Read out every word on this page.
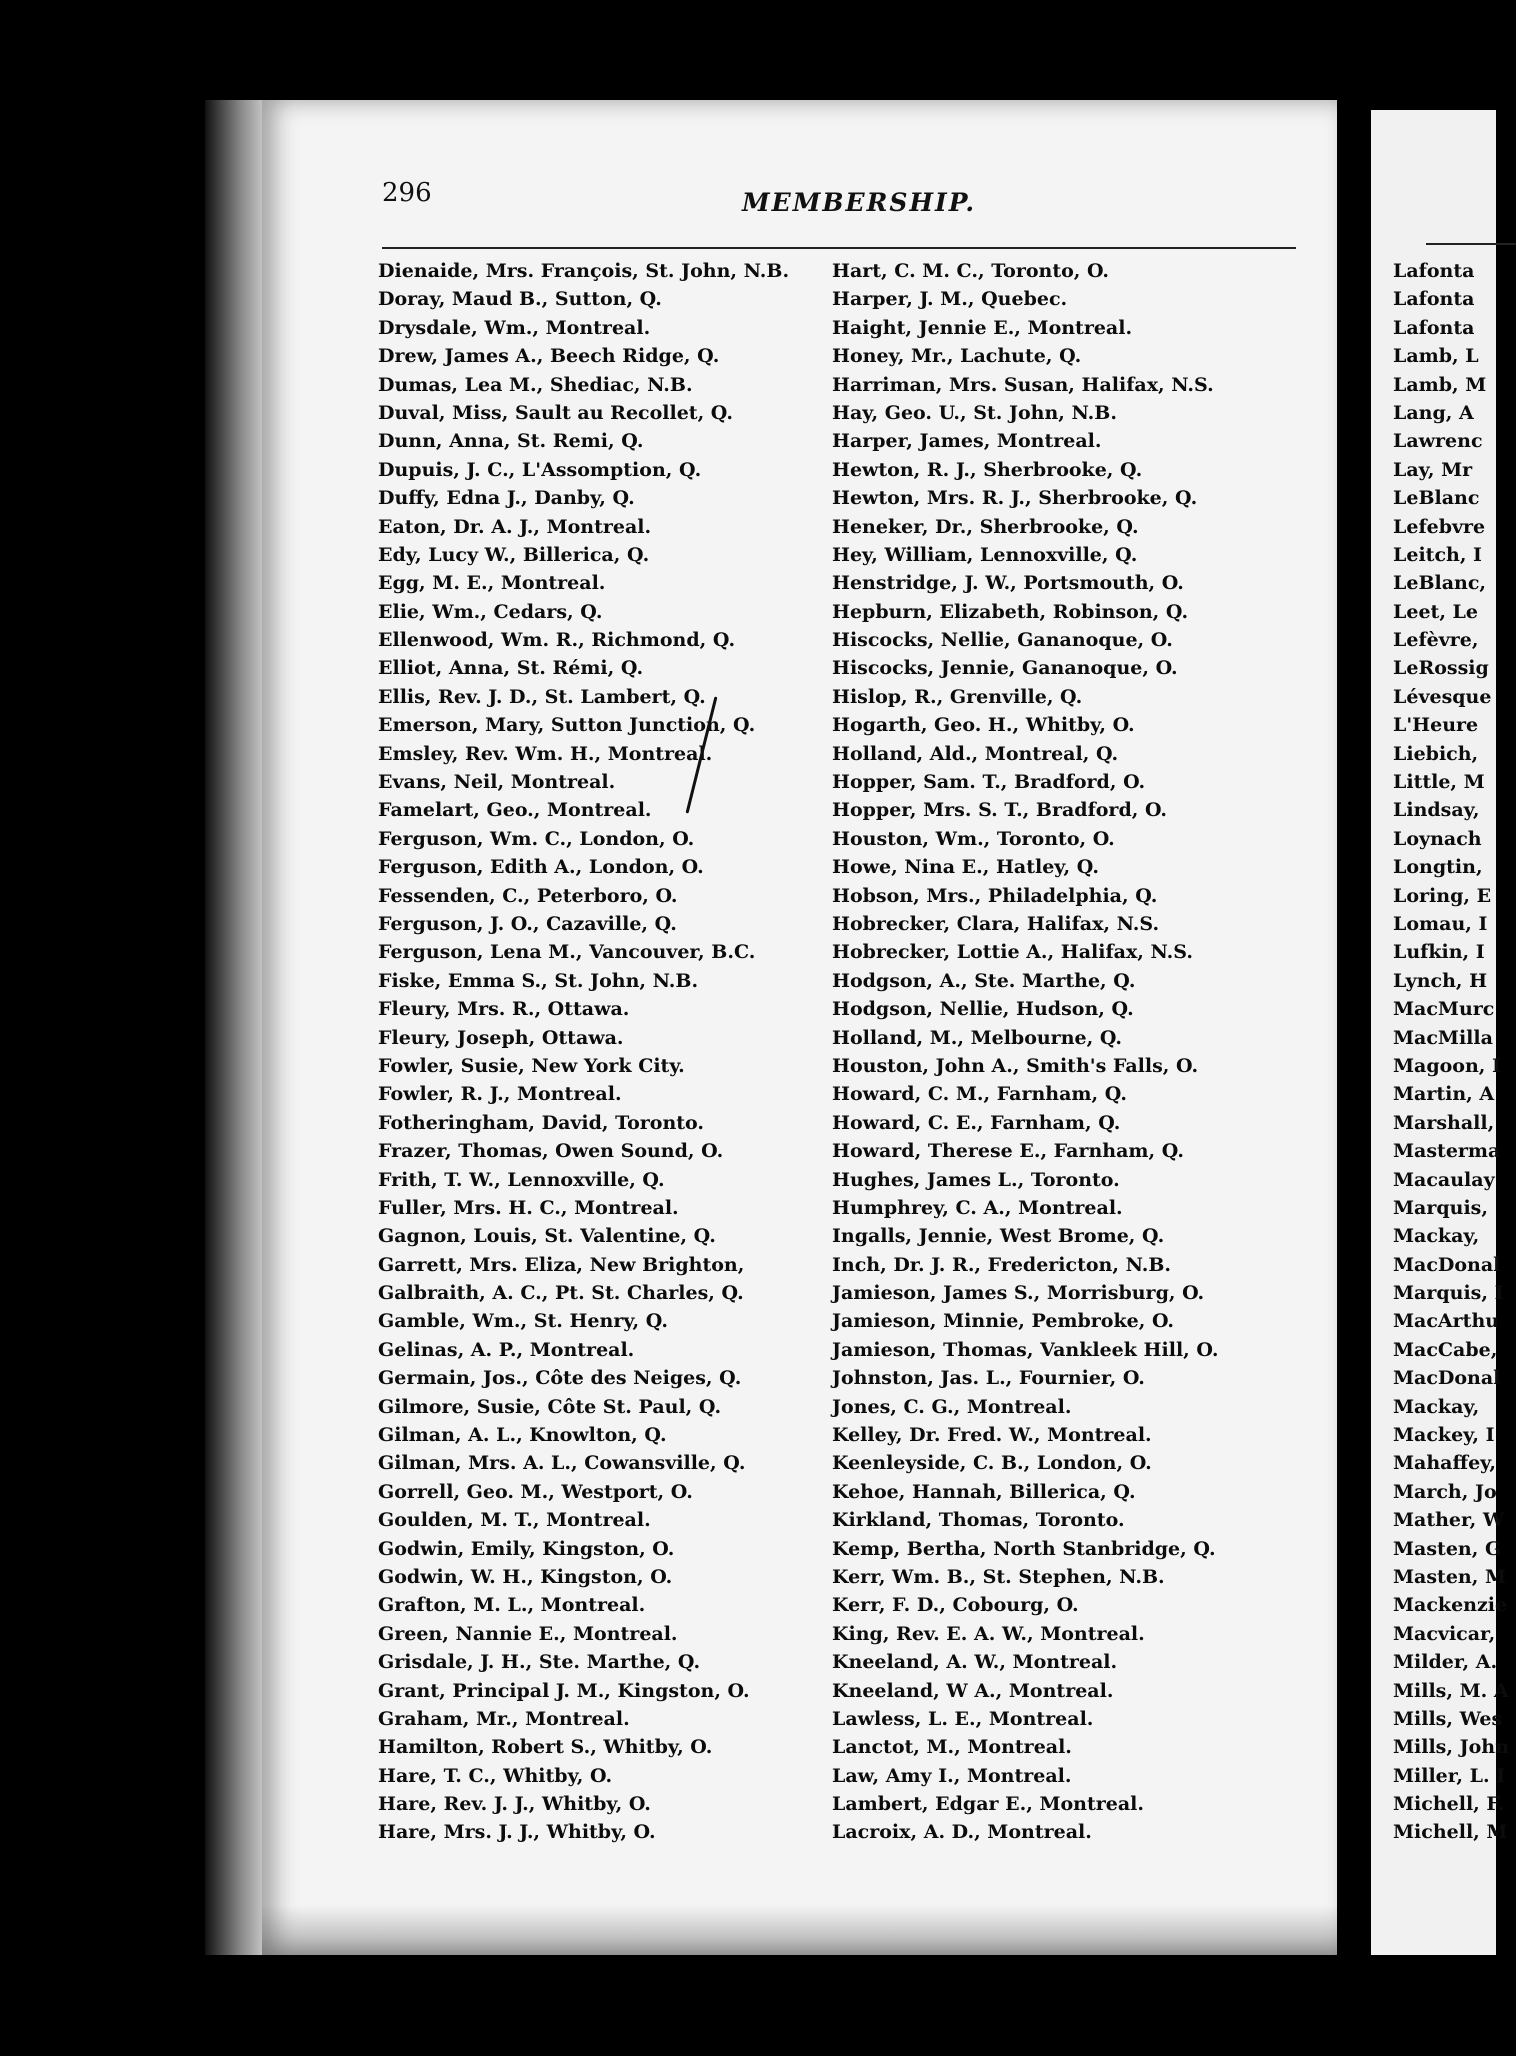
296	MEMBERSHIP.
Dienaide, Mrs. François, St. John, N.B.
Doray, Maud B., Sutton, Q.
Drysdale, Wm., Montreal.
Drew, James A., Beech Ridge, Q.
Dumas, Lea M., Shediac, N.B.
Duval, Miss, Sault au Recollet, Q.
Dunn, Anna, St. Remi, Q.
Dupuis, J. C., L'Assomption, Q.
Duffy, Edna J., Danby, Q.
Eaton, Dr. A. J., Montreal.
Edy, Lucy W., Billerica, Q.
Egg, M. E., Montreal.
Elie, Wm., Cedars, Q.
Ellenwood, Wm. R., Richmond, Q.
Elliot, Anna, St. Rémi, Q.
Ellis, Rev. J. D., St. Lambert, Q.
Emerson, Mary, Sutton Junction, Q.
Emsley, Rev. Wm. H., Montreal.
Evans, Neil, Montreal.
Famelart, Geo., Montreal.
Ferguson, Wm. C., London, O.
Ferguson, Edith A., London, O.
Fessenden, C., Peterboro, O.
Ferguson, J. O., Cazaville, Q.
Ferguson, Lena M., Vancouver, B.C.
Fiske, Emma S., St. John, N.B.
Fleury, Mrs. R., Ottawa.
Fleury, Joseph, Ottawa.
Fowler, Susie, New York City.
Fowler, R. J., Montreal.
Fotheringham, David, Toronto.
Frazer, Thomas, Owen Sound, O.
Frith, T. W., Lennoxville, Q.
Fuller, Mrs. H. C., Montreal.
Gagnon, Louis, St. Valentine, Q.
Garrett, Mrs. Eliza, New Brighton,
Galbraith, A. C., Pt. St. Charles, Q.
Gamble, Wm., St. Henry, Q.
Gelinas, A. P., Montreal.
Germain, Jos., Côte des Neiges, Q.
Gilmore, Susie, Côte St. Paul, Q.
Gilman, A. L., Knowlton, Q.
Gilman, Mrs. A. L., Cowansville, Q.
Gorrell, Geo. M., Westport, O.
Goulden, M. T., Montreal.
Godwin, Emily, Kingston, O.
Godwin, W. H., Kingston, O.
Grafton, M. L., Montreal.
Green, Nannie E., Montreal.
Grisdale, J. H., Ste. Marthe, Q.
Grant, Principal J. M., Kingston, O.
Graham, Mr., Montreal.
Hamilton, Robert S., Whitby, O.
Hare, T. C., Whitby, O.
Hare, Rev. J. J., Whitby, O.
Hare, Mrs. J. J., Whitby, O.
Hart, C. M. C., Toronto, O.
Harper, J. M., Quebec.
Haight, Jennie E., Montreal.
Honey, Mr., Lachute, Q.
Harriman, Mrs. Susan, Halifax, N.S.
Hay, Geo. U., St. John, N.B.
Harper, James, Montreal.
Hewton, R. J., Sherbrooke, Q.
Hewton, Mrs. R. J., Sherbrooke, Q.
Heneker, Dr., Sherbrooke, Q.
Hey, William, Lennoxville, Q.
Henstridge, J. W., Portsmouth, O.
Hepburn, Elizabeth, Robinson, Q.
Hiscocks, Nellie, Gananoque, O.
Hiscocks, Jennie, Gananoque, O.
Hislop, R., Grenville, Q.
Hogarth, Geo. H., Whitby, O.
Holland, Ald., Montreal, Q.
Hopper, Sam. T., Bradford, O.
Hopper, Mrs. S. T., Bradford, O.
Houston, Wm., Toronto, O.
Howe, Nina E., Hatley, Q.
Hobson, Mrs., Philadelphia, Q.
Hobrecker, Clara, Halifax, N.S.
Hobrecker, Lottie A., Halifax, N.S.
Hodgson, A., Ste. Marthe, Q.
Hodgson, Nellie, Hudson, Q.
Holland, M., Melbourne, Q.
Houston, John A., Smith's Falls, O.
Howard, C. M., Farnham, Q.
Howard, C. E., Farnham, Q.
Howard, Therese E., Farnham, Q.
Hughes, James L., Toronto.
Humphrey, C. A., Montreal.
Ingalls, Jennie, West Brome, Q.
Inch, Dr. J. R., Fredericton, N.B.
Jamieson, James S., Morrisburg, O.
Jamieson, Minnie, Pembroke, O.
Jamieson, Thomas, Vankleek Hill, O.
Johnston, Jas. L., Fournier, O.
Jones, C. G., Montreal.
Kelley, Dr. Fred. W., Montreal.
Keenleyside, C. B., London, O.
Kehoe, Hannah, Billerica, Q.
Kirkland, Thomas, Toronto.
Kemp, Bertha, North Stanbridge, Q.
Kerr, Wm. B., St. Stephen, N.B.
Kerr, F. D., Cobourg, O.
King, Rev. E. A. W., Montreal.
Kneeland, A. W., Montreal.
Kneeland, W A., Montreal.
Lawless, L. E., Montreal.
Lanctot, M., Montreal.
Law, Amy I., Montreal.
Lambert, Edgar E., Montreal.
Lacroix, A. D., Montreal.
Lafonta
Lafonta
Lafonta
Lamb, L
Lamb, M
Lang, A
Lawrenc
Lay, Mr
LeBlanc
Lefebvre
Leitch, I
LeBlanc,
Leet, Le
Lefèvre,
LeRossig
Lévesque
L'Heure
Liebich,
Little, M
Lindsay,
Loynach
Longtin,
Loring, E
Lomau, I
Lufkin, I
Lynch, H
MacMurc
MacMilla
Magoon, I
Martin, A
Marshall,
Masterma
Macaulay
Marquis,
Mackay,
MacDonal
Marquis, I
MacArthu
MacCabe,
MacDonal
Mackay,
Mackey, I
Mahaffey,
March, Jo
Mather, W
Masten, G
Masten, M
Mackenzie
Macvicar,
Milder, A.
Mills, M. A
Mills, Wes
Mills, John
Miller, L. I
Michell, F.
Michell, M
